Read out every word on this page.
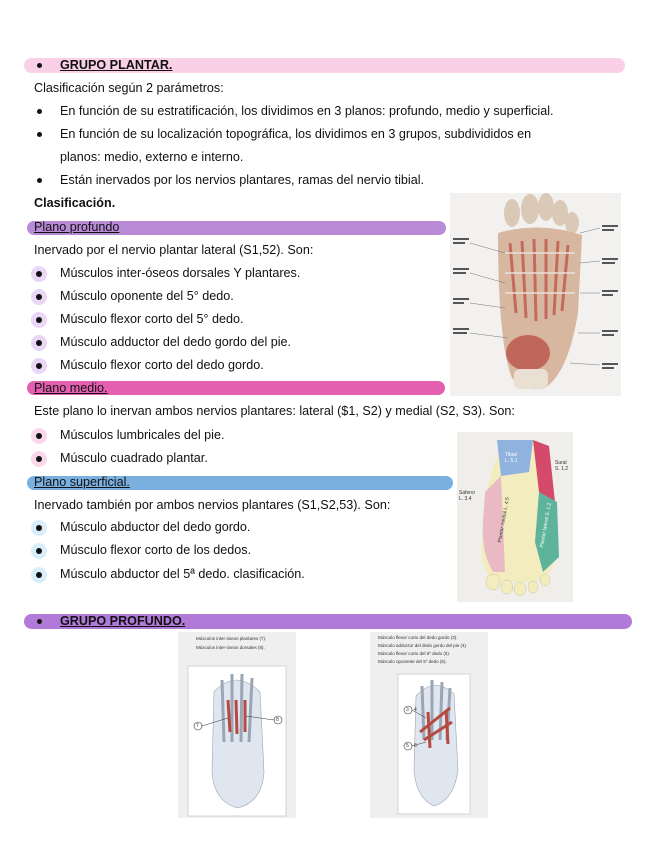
GRUPO PLANTAR.
Clasificación según 2 parámetros:
En función de su estratificación, los dividimos en 3 planos: profundo, medio y superficial.
En función de su localización topográfica, los dividimos en 3 grupos, subdivididos en
planos: medio, externo e interno.
Están inervados por los nervios plantares, ramas del nervio tibial.
Clasificación.
Plano profundo
Inervado por el nervio plantar lateral (S1,52). Son:
Músculos inter-óseos dorsales Y plantares.
Músculo oponente del 5° dedo.
Músculo flexor corto del 5° dedo.
Músculo adductor del dedo gordo del pie.
Músculo flexor corto del dedo gordo.
Plano medio.
Este plano lo inervan ambos nervios plantares: lateral ($1, S2) y medial (S2, S3). Son:
Músculos lumbricales del pie.
Músculo cuadrado plantar.
Plano superficial.
Inervado también por ambos nervios plantares (S1,S2,53). Son:
Músculo abductor del dedo gordo.
Músculo flexor corto de los dedos.
Músculo abductor del 5ª dedo. clasificación.
GRUPO PROFUNDO.
Tibial
L. 5.1	Sural
S. 1.2
Safeno
L. 3.4	Plantar medial L. 4.5	Plantar lateral S. 1.2
Músculos inter-óseos plantares (7).
Músculos inter-óseos dorsales (8).
7
8
Músculo flexor corto del dedo gordo (3).
Músculo adductor del dedo gordo del pie (4).
Músculo flexor corto del 5º dedo (5).
Músculo oponente del 5º dedo (6).
3 4
5 6
